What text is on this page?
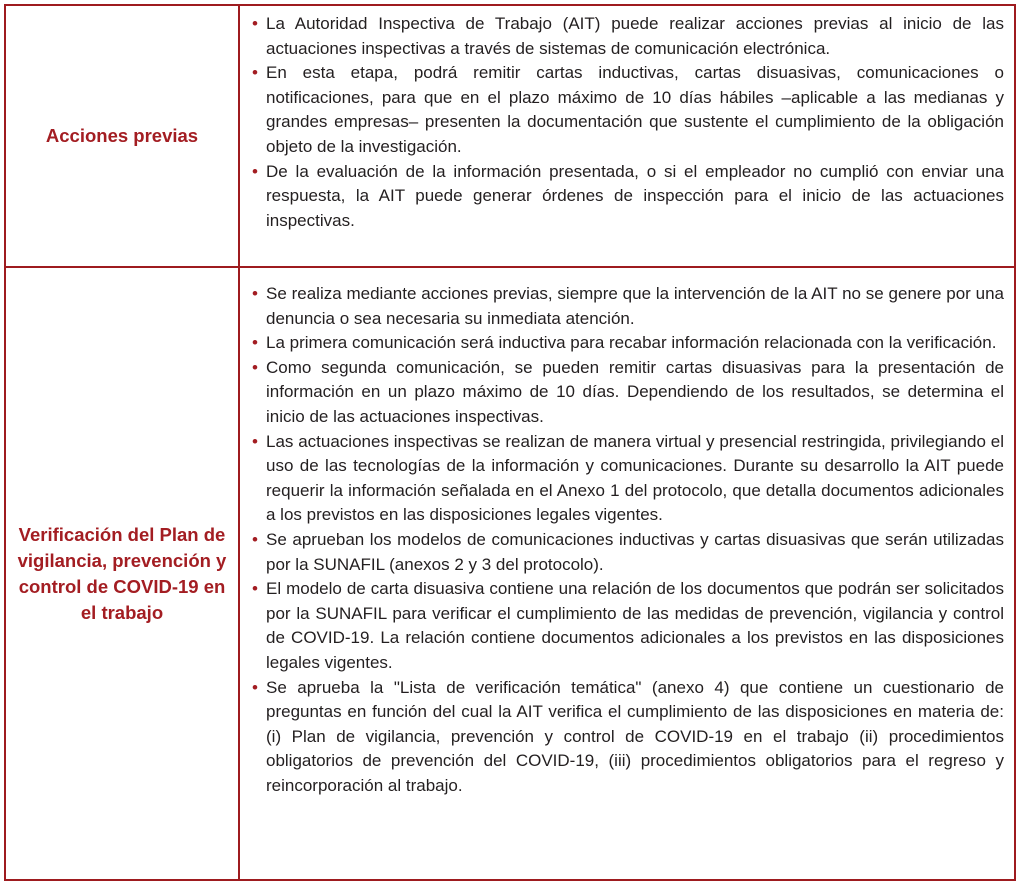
Acciones previas
• La Autoridad Inspectiva de Trabajo (AIT) puede realizar acciones previas al inicio de las actuaciones inspectivas a través de sistemas de comunicación electrónica.
• En esta etapa, podrá remitir cartas inductivas, cartas disuasivas, comunicaciones o notificaciones, para que en el plazo máximo de 10 días hábiles –aplicable a las medianas y grandes empresas– presenten la documentación que sustente el cumplimiento de la obligación objeto de la investigación.
• De la evaluación de la información presentada, o si el empleador no cumplió con enviar una respuesta, la AIT puede generar órdenes de inspección para el inicio de las actuaciones inspectivas.
Verificación del Plan de vigilancia, prevención y control de COVID-19 en el trabajo
• Se realiza mediante acciones previas, siempre que la intervención de la AIT no se genere por una denuncia o sea necesaria su inmediata atención.
• La primera comunicación será inductiva para recabar información relacionada con la verificación.
• Como segunda comunicación, se pueden remitir cartas disuasivas para la presentación de información en un plazo máximo de 10 días. Dependiendo de los resultados, se determina el inicio de las actuaciones inspectivas.
• Las actuaciones inspectivas se realizan de manera virtual y presencial restringida, privilegiando el uso de las tecnologías de la información y comunicaciones. Durante su desarrollo la AIT puede requerir la información señalada en el Anexo 1 del protocolo, que detalla documentos adicionales a los previstos en las disposiciones legales vigentes.
• Se aprueban los modelos de comunicaciones inductivas y cartas disuasivas que serán utilizadas por la SUNAFIL (anexos 2 y 3 del protocolo).
• El modelo de carta disuasiva contiene una relación de los documentos que podrán ser solicitados por la SUNAFIL para verificar el cumplimiento de las medidas de prevención, vigilancia y control de COVID-19. La relación contiene documentos adicionales a los previstos en las disposiciones legales vigentes.
• Se aprueba la "Lista de verificación temática" (anexo 4) que contiene un cuestionario de preguntas en función del cual la AIT verifica el cumplimiento de las disposiciones en materia de: (i) Plan de vigilancia, prevención y control de COVID-19 en el trabajo (ii) procedimientos obligatorios de prevención del COVID-19, (iii) procedimientos obligatorios para el regreso y reincorporación al trabajo.
